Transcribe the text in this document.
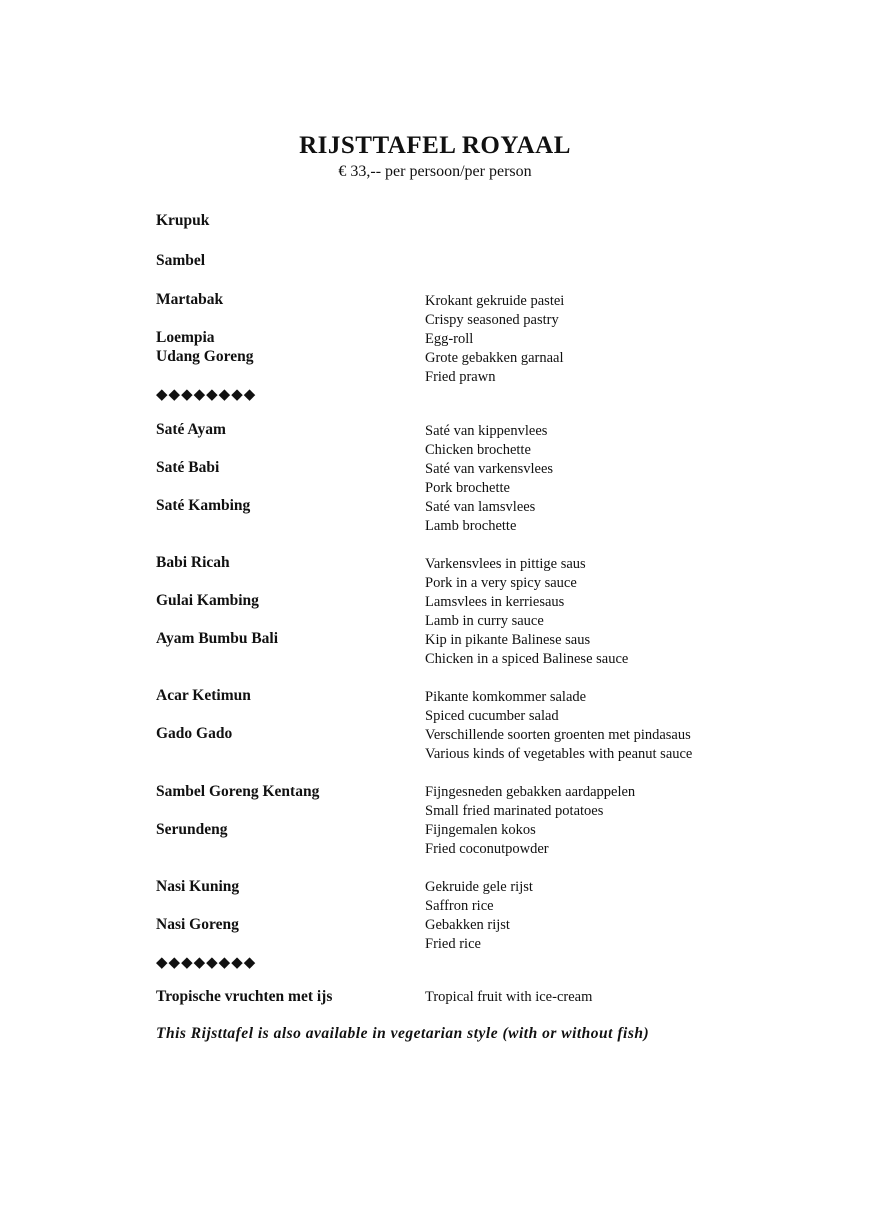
RIJSTTAFEL ROYAAL
€ 33,-- per persoon/per person
Krupuk
Sambel
Martabak	Krokant gekruide pastei
Crispy seasoned pastry
Loempia	Egg-roll
Udang Goreng	Grote gebakken garnaal
Fried prawn
◆◆◆◆◆◆◆◆
Saté Ayam	Saté van kippenvlees
Chicken brochette
Saté Babi	Saté van varkensvlees
Pork brochette
Saté Kambing	Saté van lamsvlees
Lamb brochette
Babi Ricah	Varkensvlees in pittige saus
Pork in a very spicy sauce
Gulai Kambing	Lamsvlees in kerriesaus
Lamb in curry sauce
Ayam Bumbu Bali	Kip in pikante Balinese saus
Chicken in a spiced Balinese sauce
Acar Ketimun	Pikante komkommer salade
Spiced cucumber salad
Gado Gado	Verschillende soorten groenten met pindasaus
Various kinds of vegetables with peanut sauce
Sambel Goreng Kentang	Fijngesneden gebakken aardappelen
Small fried marinated potatoes
Serundeng	Fijngemalen kokos
Fried coconutpowder
Nasi Kuning	Gekruide gele rijst
Saffron rice
Nasi Goreng	Gebakken rijst
Fried rice
◆◆◆◆◆◆◆◆
Tropische vruchten met ijs	Tropical fruit with ice-cream
This Rijsttafel is also available in vegetarian style (with or without fish)
